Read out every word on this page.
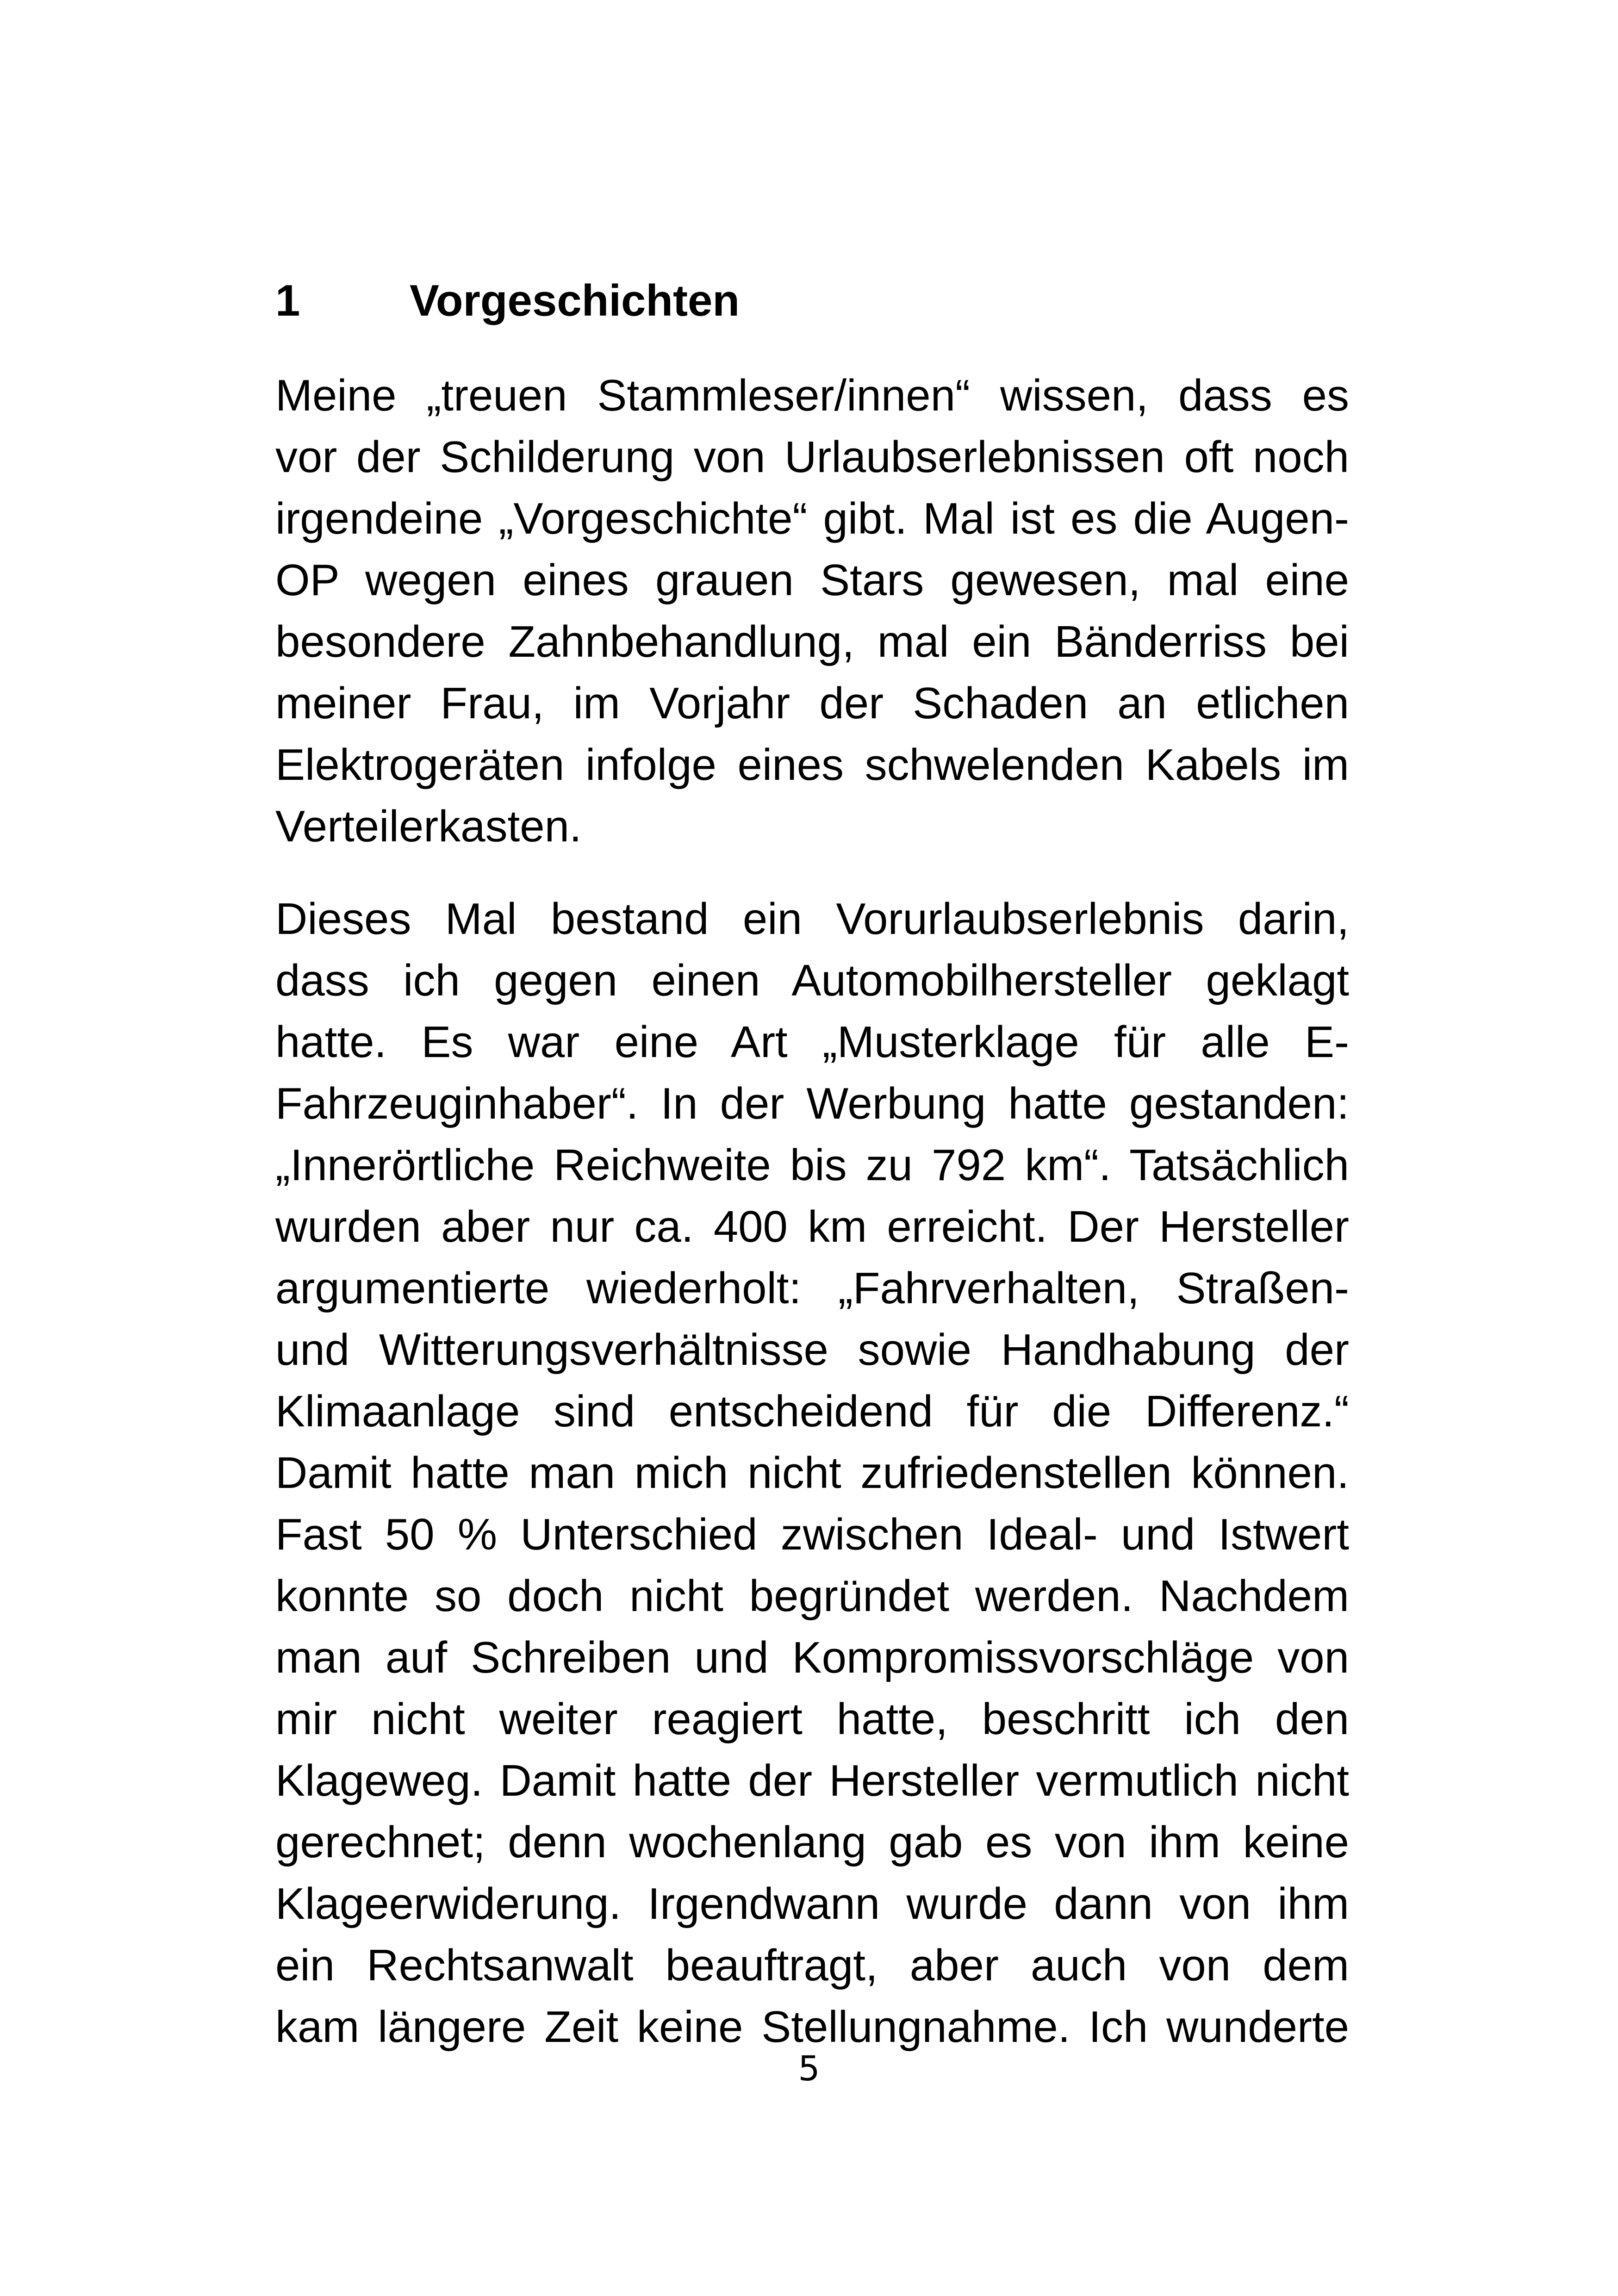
1 Vorgeschichten
Meine „treuen Stammleser/innen“ wissen, dass es
vor der Schilderung von Urlaubserlebnissen oft noch
irgendeine „Vorgeschichte“ gibt. Mal ist es die Augen-
OP wegen eines grauen Stars gewesen, mal eine
besondere Zahnbehandlung, mal ein Bänderriss bei
meiner Frau, im Vorjahr der Schaden an etlichen
Elektrogeräten infolge eines schwelenden Kabels im
Verteilerkasten.
Dieses Mal bestand ein Vorurlaubserlebnis darin,
dass ich gegen einen Automobilhersteller geklagt
hatte. Es war eine Art „Musterklage für alle E-
Fahrzeuginhaber“. In der Werbung hatte gestanden:
„Innerörtliche Reichweite bis zu 792 km“. Tatsächlich
wurden aber nur ca. 400 km erreicht. Der Hersteller
argumentierte wiederholt: „Fahrverhalten, Straßen-
und Witterungsverhältnisse sowie Handhabung der
Klimaanlage sind entscheidend für die Differenz.“
Damit hatte man mich nicht zufriedenstellen können.
Fast 50 % Unterschied zwischen Ideal- und Istwert
konnte so doch nicht begründet werden. Nachdem
man auf Schreiben und Kompromissvorschläge von
mir nicht weiter reagiert hatte, beschritt ich den
Klageweg. Damit hatte der Hersteller vermutlich nicht
gerechnet; denn wochenlang gab es von ihm keine
Klageerwiderung. Irgendwann wurde dann von ihm
ein Rechtsanwalt beauftragt, aber auch von dem
kam längere Zeit keine Stellungnahme. Ich wunderte
5
